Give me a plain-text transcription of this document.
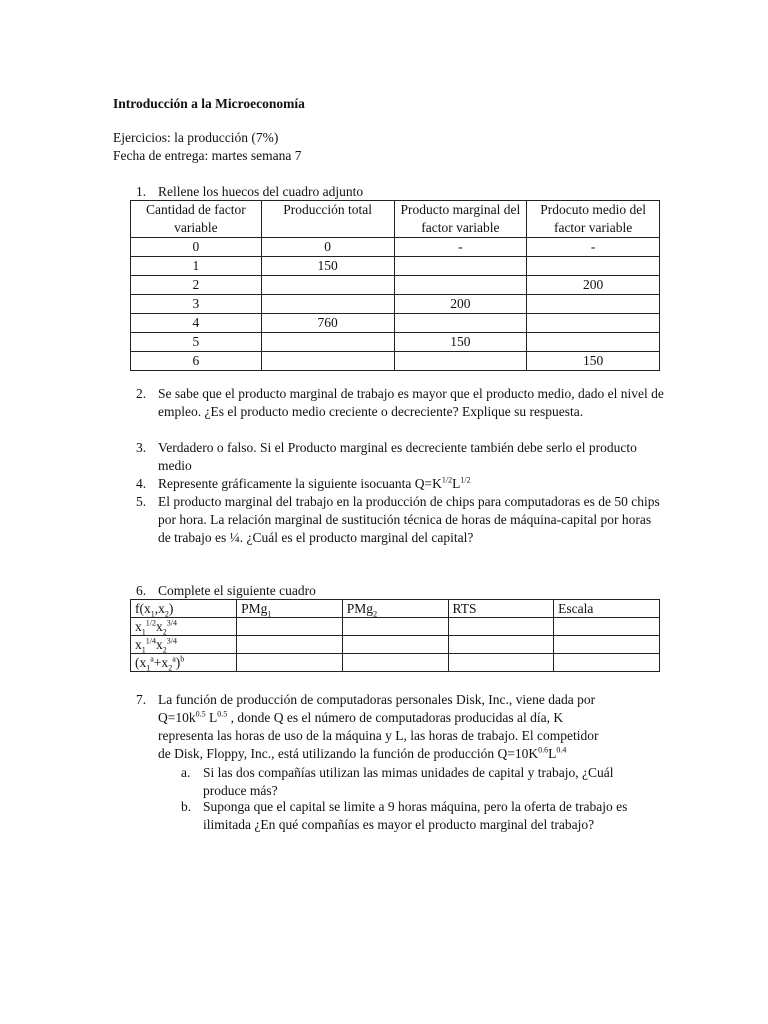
Introducción a la Microeconomía
Ejercicios: la producción (7%)
Fecha de entrega: martes semana 7
1. Rellene los huecos del cuadro adjunto
Cantidad de factor variable	Producción total	Producto marginal del factor variable	Prdocuto medio del factor variable
0	0	-	-
1	150		
2			200
3		200	
4	760		
5		150	
6			150
2. Se sabe que el producto marginal de trabajo es mayor que el producto medio, dado el nivel de empleo. ¿Es el producto medio creciente o decreciente? Explique su respuesta.
3. Verdadero o falso. Si el Producto marginal es decreciente también debe serlo el producto medio
4. Represente gráficamente la siguiente isocuanta $Q=K^{1/2}L^{1/2}$
5. El producto marginal del trabajo en la producción de chips para computadoras es de 50 chips por hora. La relación marginal de sustitución técnica de horas de máquina-capital por horas de trabajo es ¼. ¿Cuál es el producto marginal del capital?
6. Complete el siguiente cuadro
$f(x_1,x_2)$	PMg$_1$	PMg$_2$	RTS	Escala
$x_1^{1/2}x_2^{3/4}$				
$x_1^{1/4}x_2^{3/4}$				
$(x_1^a+x_2^a)^b$				
7. La función de producción de computadoras personales Disk, Inc., viene dada por
$Q=10k^{0.5}$ $L^{0.5}$ , donde Q es el número de computadoras producidas al día, K
representa las horas de uso de la máquina y L, las horas de trabajo. El competidor
de Disk, Floppy, Inc., está utilizando la función de producción $Q=10K^{0.6}L^{0.4}$
a. Si las dos compañías utilizan las mimas unidades de capital y trabajo, ¿Cuál produce más?
b. Suponga que el capital se limite a 9 horas máquina, pero la oferta de trabajo es ilimitada ¿En qué compañías es mayor el producto marginal del trabajo?
